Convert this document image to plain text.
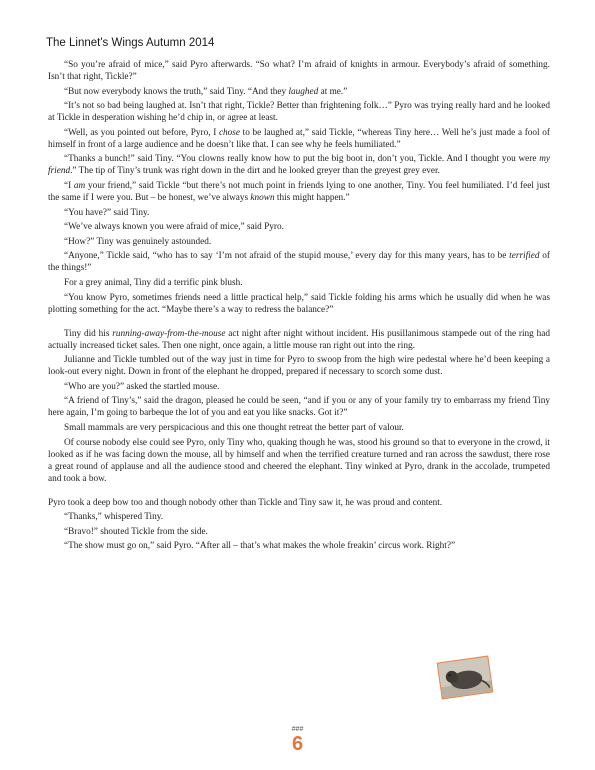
The Linnet's Wings Autumn 2014

“So you’re afraid of mice,” said Pyro afterwards. “So what? I’m afraid of knights in armour. Everybody’s afraid of something. Isn’t that right, Tickle?”

“But now everybody knows the truth,” said Tiny. “And they laughed at me.”

“It’s not so bad being laughed at. Isn’t that right, Tickle? Better than frightening folk…” Pyro was trying really hard and he looked at Tickle in desperation wishing he’d chip in, or agree at least.

“Well, as you pointed out before, Pyro, I chose to be laughed at,” said Tickle, “whereas Tiny here… Well he’s just made a fool of himself in front of a large audience and he doesn’t like that. I can see why he feels humiliated.”

“Thanks a bunch!” said Tiny. “You clowns really know how to put the big boot in, don’t you, Tickle. And I thought you were my friend.” The tip of Tiny’s trunk was right down in the dirt and he looked greyer than the greyest grey ever.

“I am your friend,” said Tickle “but there’s not much point in friends lying to one another, Tiny. You feel humiliated. I’d feel just the same if I were you. But – be honest, we’ve always known this might happen.”

“You have?” said Tiny.

“We’ve always known you were afraid of mice,” said Pyro.

“How?” Tiny was genuinely astounded.

“Anyone,” Tickle said, “who has to say ‘I’m not afraid of the stupid mouse,’ every day for this many years, has to be terrified of the things!”

For a grey animal, Tiny did a terrific pink blush.

“You know Pyro, sometimes friends need a little practical help,” said Tickle folding his arms which he usually did when he was plotting something for the act. “Maybe there’s a way to redress the balance?”

Tiny did his running-away-from-the-mouse act night after night without incident. His pusillanimous stampede out of the ring had actually increased ticket sales. Then one night, once again, a little mouse ran right out into the ring.

Julianne and Tickle tumbled out of the way just in time for Pyro to swoop from the high wire pedestal where he’d been keeping a look-out every night. Down in front of the elephant he dropped, prepared if necessary to scorch some dust.

“Who are you?” asked the startled mouse.

“A friend of Tiny’s,” said the dragon, pleased he could be seen, “and if you or any of your family try to embarrass my friend Tiny here again, I’m going to barbeque the lot of you and eat you like snacks. Got it?”

Small mammals are very perspicacious and this one thought retreat the better part of valour.

Of course nobody else could see Pyro, only Tiny who, quaking though he was, stood his ground so that to everyone in the crowd, it looked as if he was facing down the mouse, all by himself and when the terrified creature turned and ran across the sawdust, there rose a great round of applause and all the audience stood and cheered the elephant. Tiny winked at Pyro, drank in the accolade, trumpeted and took a bow.

Pyro took a deep bow too and though nobody other than Tickle and Tiny saw it, he was proud and content.

“Thanks,” whispered Tiny.

“Bravo!” shouted Tickle from the side.

“The show must go on,” said Pyro. “After all – that’s what makes the whole freakin’ circus work. Right?”

###
6
